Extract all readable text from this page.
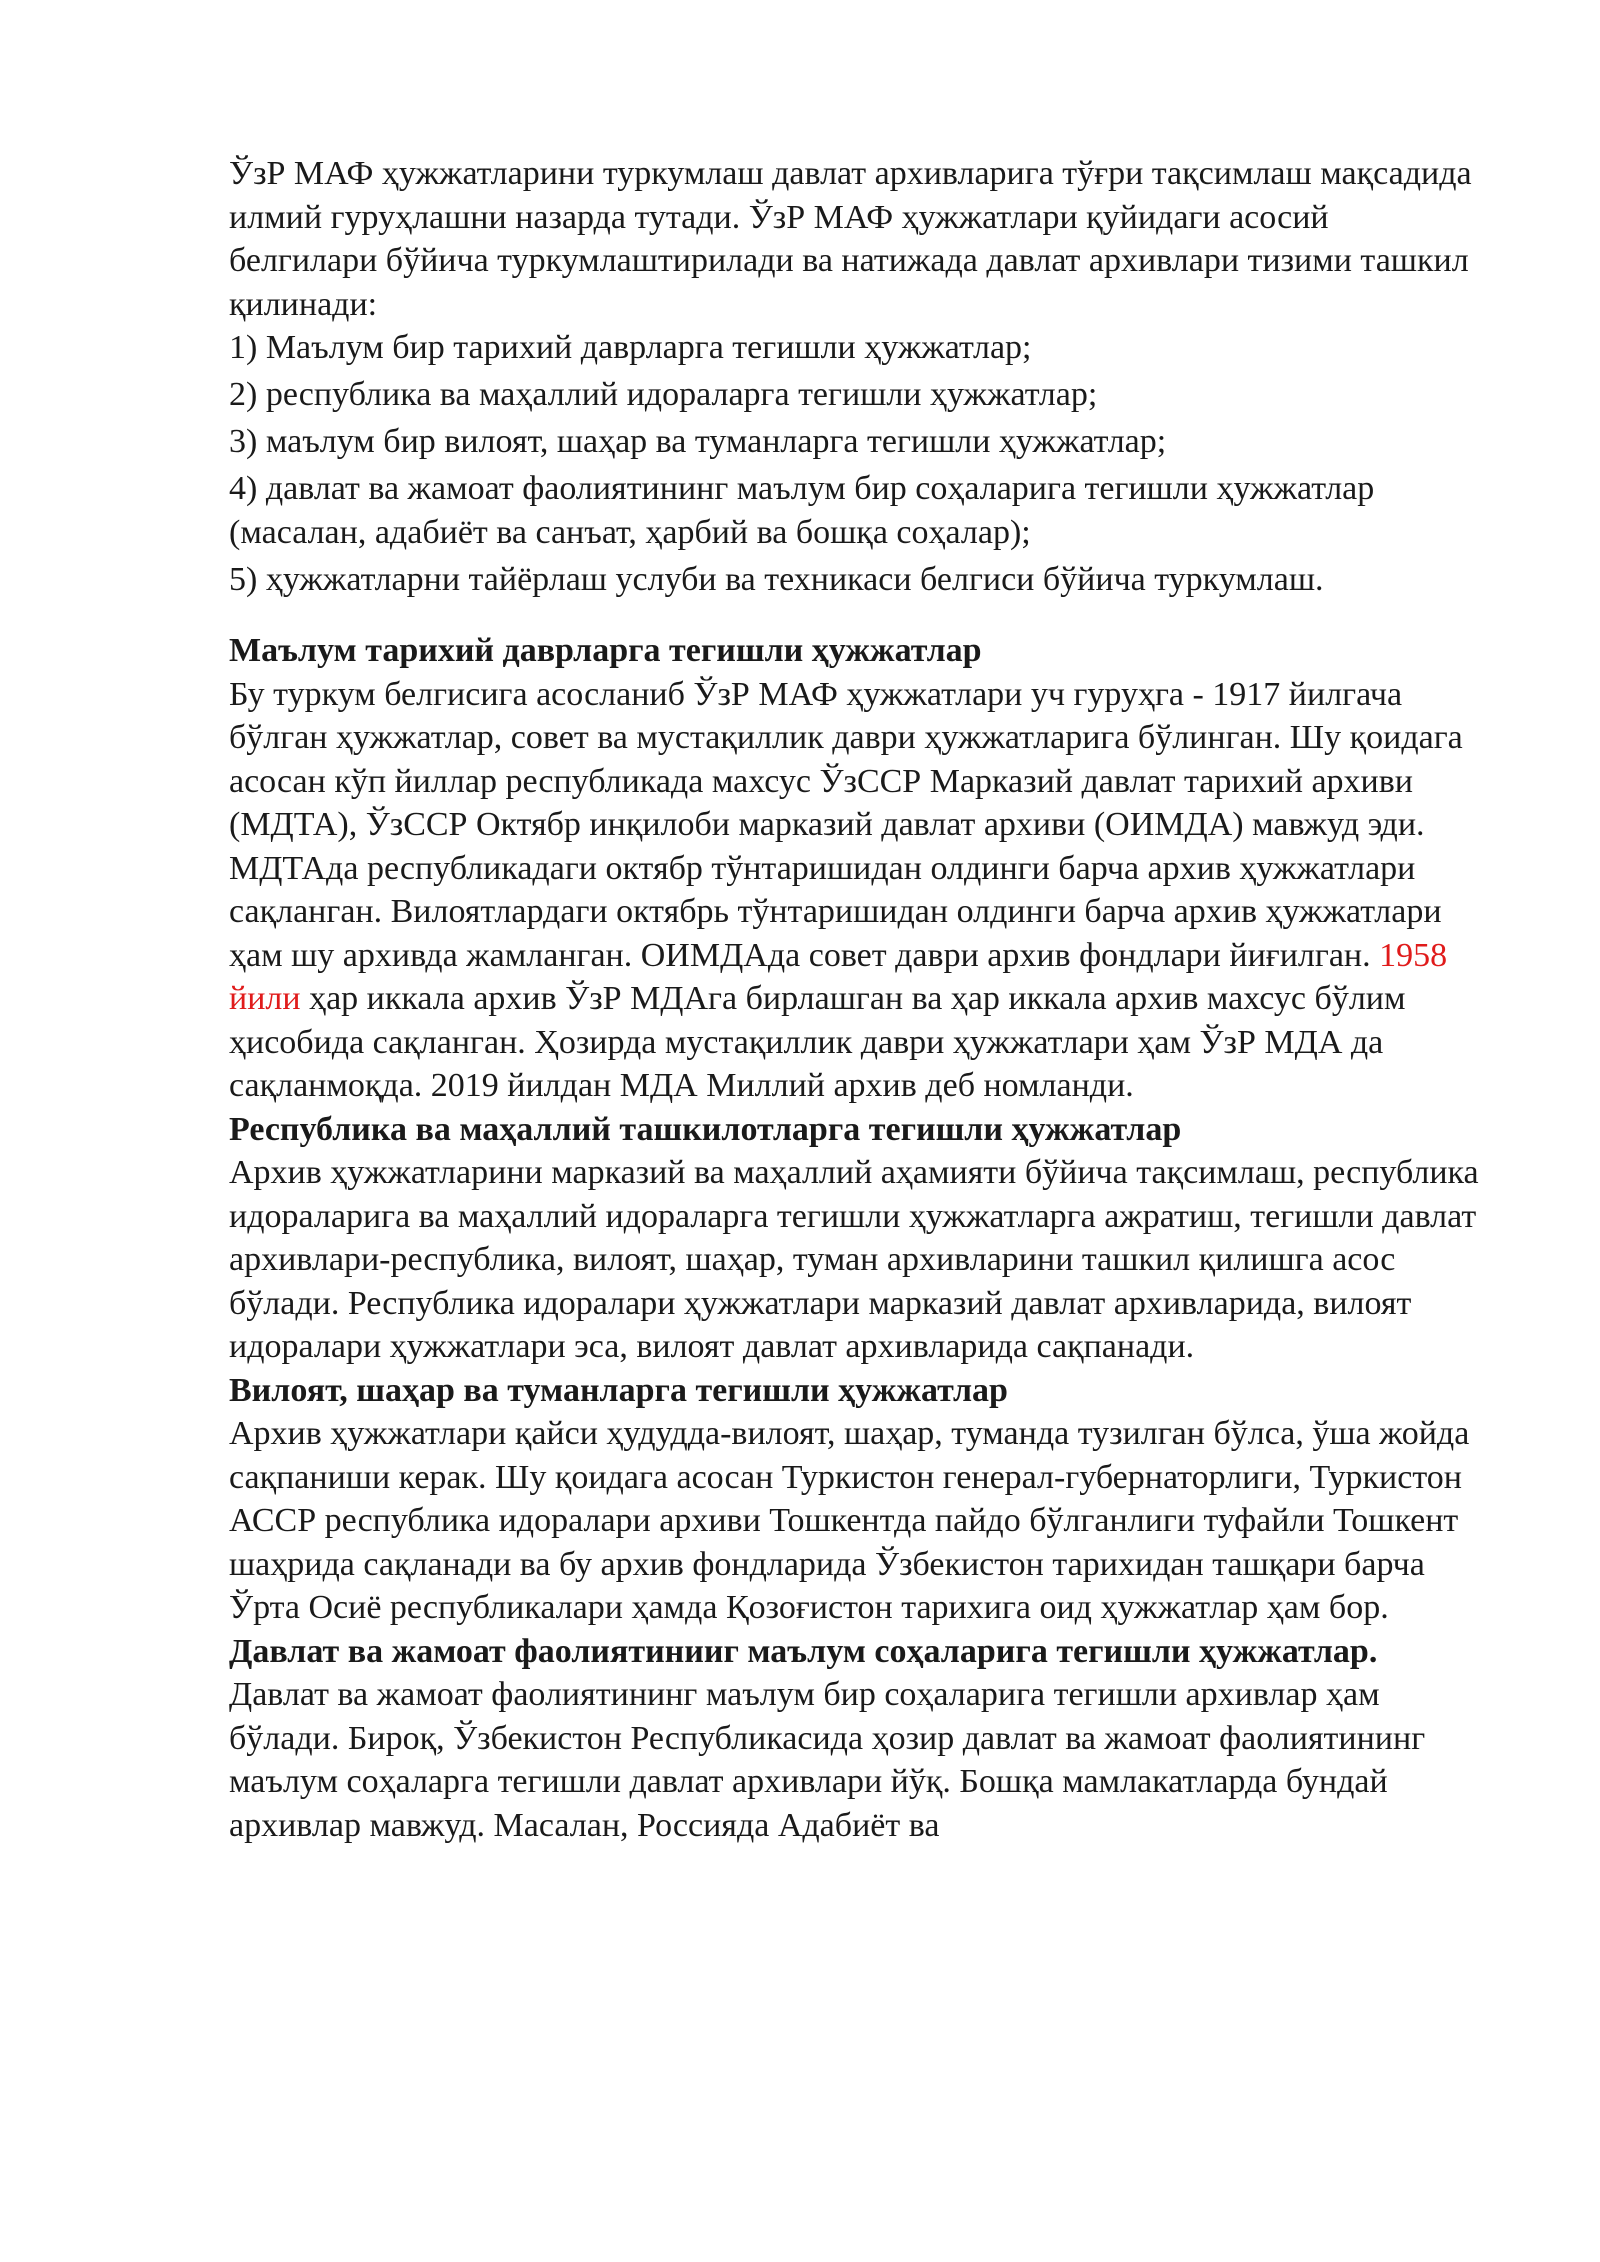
ЎзР МАФ ҳужжатларини туркумлаш давлат архивларига тўғри тақсимлаш мақсадида илмий гуруҳлашни назарда тутади. ЎзР МАФ ҳужжатлари қуйидаги асосий белгилари бўйича туркумлаштирилади ва натижада давлат архивлари тизими ташкил қилинади:

1) Маълум бир тарихий даврларга тегишли ҳужжатлар;

2) республика ва маҳаллий идораларга тегишли ҳужжатлар;

3) маълум бир вилоят, шаҳар ва туманларга тегишли ҳужжатлар;

4) давлат ва жамоат фаолиятининг маълум бир соҳаларига тегишли ҳужжатлар (масалан, адабиёт ва санъат, ҳарбий ва бошқа соҳалар);

5) ҳужжатларни тайёрлаш услуби ва техникаси белгиси бўйича туркумлаш.

Маълум тарихий даврларга тегишли ҳужжатлар

Бу туркум белгисига асосланиб ЎзР МАФ ҳужжатлари уч гуруҳга - 1917 йилгача бўлган ҳужжатлар, совет ва мустақиллик даври ҳужжатларига бўлинган. Шу қоидага асосан кўп йиллар республикада махсус ЎзССР Марказий давлат тарихий архиви (МДТА), ЎзССР Октябр инқилоби марказий давлат архиви (ОИМДА) мавжуд эди. МДТАда республикадаги октябр тўнтаришидан олдинги барча архив ҳужжатлари сақланган. Вилоятлардаги октябрь тўнтаришидан олдинги барча архив ҳужжатлари ҳам шу архивда жамланган. ОИМДАда совет даври архив фондлари йиғилган. 1958 йили ҳар иккала архив ЎзР МДАга бирлашган ва ҳар иккала архив махсус бўлим ҳисобида сақланган. Ҳозирда мустақиллик даври ҳужжатлари ҳам ЎзР МДА да сақланмоқда. 2019 йилдан МДА Миллий архив деб номланди.

Республика ва маҳаллий ташкилотларга тегишли ҳужжатлар

Архив ҳужжатларини марказий ва маҳаллий аҳамияти бўйича тақсимлаш, республика идораларига ва маҳаллий идораларга тегишли ҳужжатларга ажратиш, тегишли давлат архивлари-республика, вилоят, шаҳар, туман архивларини ташкил қилишга асос бўлади. Республика идоралари ҳужжатлари марказий давлат архивларида, вилоят идоралари ҳужжатлари эса, вилоят давлат архивларида сақпанади.

Вилоят, шаҳар ва туманларга тегишли ҳужжатлар

Архив ҳужжатлари қайси ҳудудда-вилоят, шаҳар, туманда тузилган бўлса, ўша жойда сақпаниши керак. Шу қоидага асосан Туркистон генерал-губернаторлиги, Туркистон АССР республика идоралари архиви Тошкентда пайдо бўлганлиги туфайли Тошкент шаҳрида сақланади ва бу архив фондларида Ўзбекистон тарихидан ташқари барча Ўрта Осиё республикалари ҳамда Қозоғистон тарихига оид ҳужжатлар ҳам бор.

Давлат ва жамоат фаолиятинииг маълум соҳаларига тегишли ҳужжатлар.

Давлат ва жамоат фаолиятининг маълум бир соҳаларига тегишли архивлар ҳам бўлади. Бироқ, Ўзбекистон Республикасида ҳозир давлат ва жамоат фаолиятининг маълум соҳаларга тегишли давлат архивлари йўқ. Бошқа мамлакатларда бундай архивлар мавжуд. Масалан, Россияда Адабиёт ва
